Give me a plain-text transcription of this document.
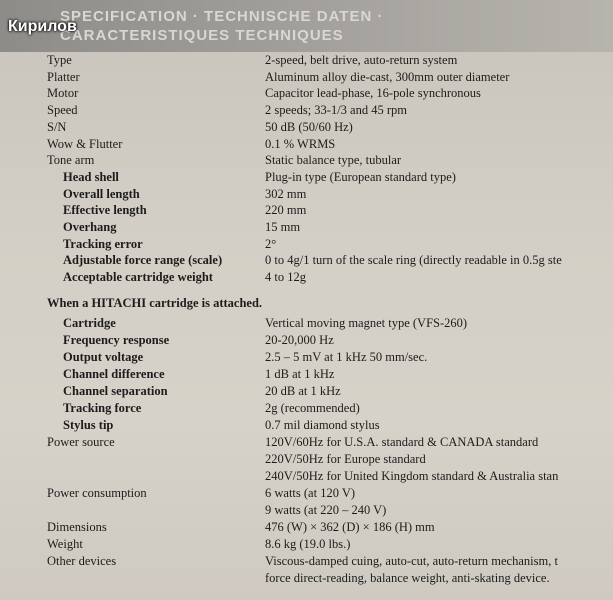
SPECIFICATION · TECHNISCHE DATEN ·
CARACTERISTIQUES TECHNIQUES
Кирилов
Type	2-speed, belt drive, auto-return system
Platter	Aluminum alloy die-cast, 300mm outer diameter
Motor	Capacitor lead-phase, 16-pole synchronous
Speed	2 speeds; 33-1/3 and 45 rpm
S/N	50 dB (50/60 Hz)
Wow & Flutter	0.1 % WRMS
Tone arm	Static balance type, tubular
Head shell	Plug-in type (European standard type)
Overall length	302 mm
Effective length	220 mm
Overhang	15 mm
Tracking error	2°
Adjustable force range (scale)	0 to 4g/1 turn of the scale ring (directly readable in 0.5g ste
Acceptable cartridge weight	4 to 12g
When a HITACHI cartridge is attached.
Cartridge	Vertical moving magnet type (VFS-260)
Frequency response	20-20,000 Hz
Output voltage	2.5 – 5 mV at 1 kHz 50 mm/sec.
Channel difference	1 dB at 1 kHz
Channel separation	20 dB at 1 kHz
Tracking force	2g (recommended)
Stylus tip	0.7 mil diamond stylus
Power source	120V/60Hz for U.S.A. standard & CANADA standard
220V/50Hz for Europe standard
240V/50Hz for United Kingdom standard & Australia stan
Power consumption	6 watts (at 120 V)
9 watts (at 220 – 240 V)
Dimensions	476 (W) × 362 (D) × 186 (H) mm
Weight	8.6 kg (19.0 lbs.)
Other devices	Viscous-damped cuing, auto-cut, auto-return mechanism, t
force direct-reading, balance weight, anti-skating device.
